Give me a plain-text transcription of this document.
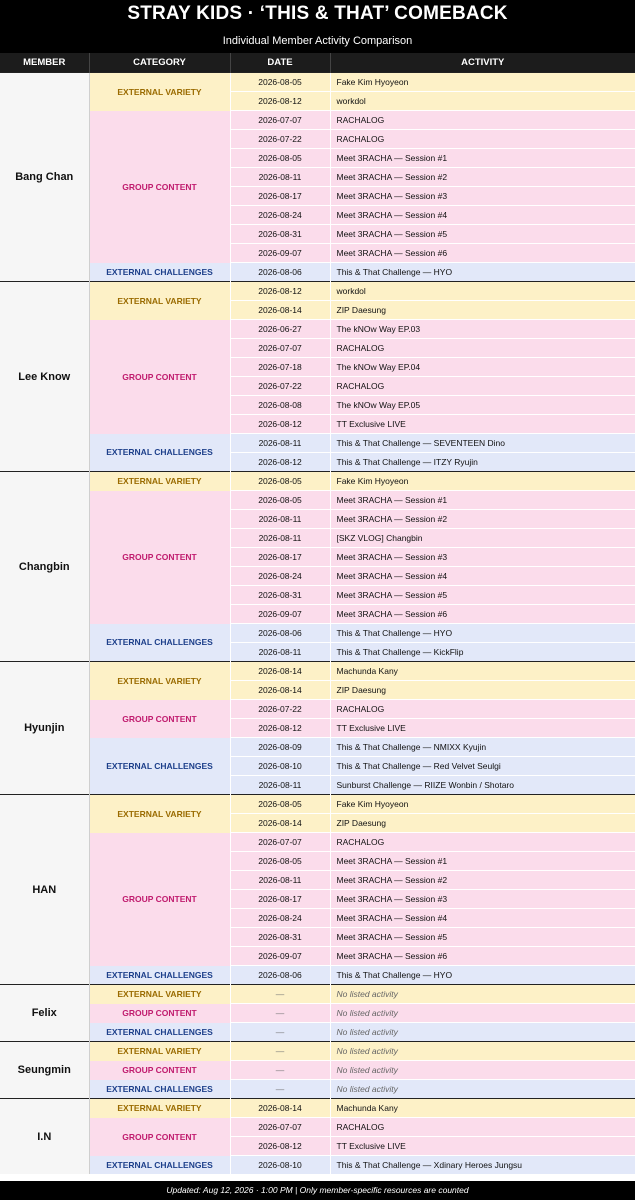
STRAY KIDS · ‘THIS & THAT’ COMEBACK
Individual Member Activity Comparison
MEMBER	CATEGORY	DATE	ACTIVITY
Bang Chan	EXTERNAL VARIETY	2026-08-05	Fake Kim Hyoyeon
		2026-08-12	workdol
	GROUP CONTENT	2026-07-07	RACHALOG
		2026-07-22	RACHALOG
		2026-08-05	Meet 3RACHA — Session #1
		2026-08-11	Meet 3RACHA — Session #2
		2026-08-17	Meet 3RACHA — Session #3
		2026-08-24	Meet 3RACHA — Session #4
		2026-08-31	Meet 3RACHA — Session #5
		2026-09-07	Meet 3RACHA — Session #6
	EXTERNAL CHALLENGES	2026-08-06	This & That Challenge — HYO
Lee Know	EXTERNAL VARIETY	2026-08-12	workdol
		2026-08-14	ZIP Daesung
	GROUP CONTENT	2026-06-27	The kNOw Way EP.03
		2026-07-07	RACHALOG
		2026-07-18	The kNOw Way EP.04
		2026-07-22	RACHALOG
		2026-08-08	The kNOw Way EP.05
		2026-08-12	TT Exclusive LIVE
	EXTERNAL CHALLENGES	2026-08-11	This & That Challenge — SEVENTEEN Dino
		2026-08-12	This & That Challenge — ITZY Ryujin
Changbin	EXTERNAL VARIETY	2026-08-05	Fake Kim Hyoyeon
	GROUP CONTENT	2026-08-05	Meet 3RACHA — Session #1
		2026-08-11	Meet 3RACHA — Session #2
		2026-08-11	[SKZ VLOG] Changbin
		2026-08-17	Meet 3RACHA — Session #3
		2026-08-24	Meet 3RACHA — Session #4
		2026-08-31	Meet 3RACHA — Session #5
		2026-09-07	Meet 3RACHA — Session #6
	EXTERNAL CHALLENGES	2026-08-06	This & That Challenge — HYO
		2026-08-11	This & That Challenge — KickFlip
Hyunjin	EXTERNAL VARIETY	2026-08-14	Machunda Kany
		2026-08-14	ZIP Daesung
	GROUP CONTENT	2026-07-22	RACHALOG
		2026-08-12	TT Exclusive LIVE
	EXTERNAL CHALLENGES	2026-08-09	This & That Challenge — NMIXX Kyujin
		2026-08-10	This & That Challenge — Red Velvet Seulgi
		2026-08-11	Sunburst Challenge — RIIZE Wonbin / Shotaro
HAN	EXTERNAL VARIETY	2026-08-05	Fake Kim Hyoyeon
		2026-08-14	ZIP Daesung
	GROUP CONTENT	2026-07-07	RACHALOG
		2026-08-05	Meet 3RACHA — Session #1
		2026-08-11	Meet 3RACHA — Session #2
		2026-08-17	Meet 3RACHA — Session #3
		2026-08-24	Meet 3RACHA — Session #4
		2026-08-31	Meet 3RACHA — Session #5
		2026-09-07	Meet 3RACHA — Session #6
	EXTERNAL CHALLENGES	2026-08-06	This & That Challenge — HYO
Felix	EXTERNAL VARIETY	—	No listed activity
	GROUP CONTENT	—	No listed activity
	EXTERNAL CHALLENGES	—	No listed activity
Seungmin	EXTERNAL VARIETY	—	No listed activity
	GROUP CONTENT	—	No listed activity
	EXTERNAL CHALLENGES	—	No listed activity
I.N	EXTERNAL VARIETY	2026-08-14	Machunda Kany
	GROUP CONTENT	2026-07-07	RACHALOG
		2026-08-12	TT Exclusive LIVE
	EXTERNAL CHALLENGES	2026-08-10	This & That Challenge — Xdinary Heroes Jungsu
Updated: Aug 12, 2026 · 1:00 PM | Only member-specific resources are counted
